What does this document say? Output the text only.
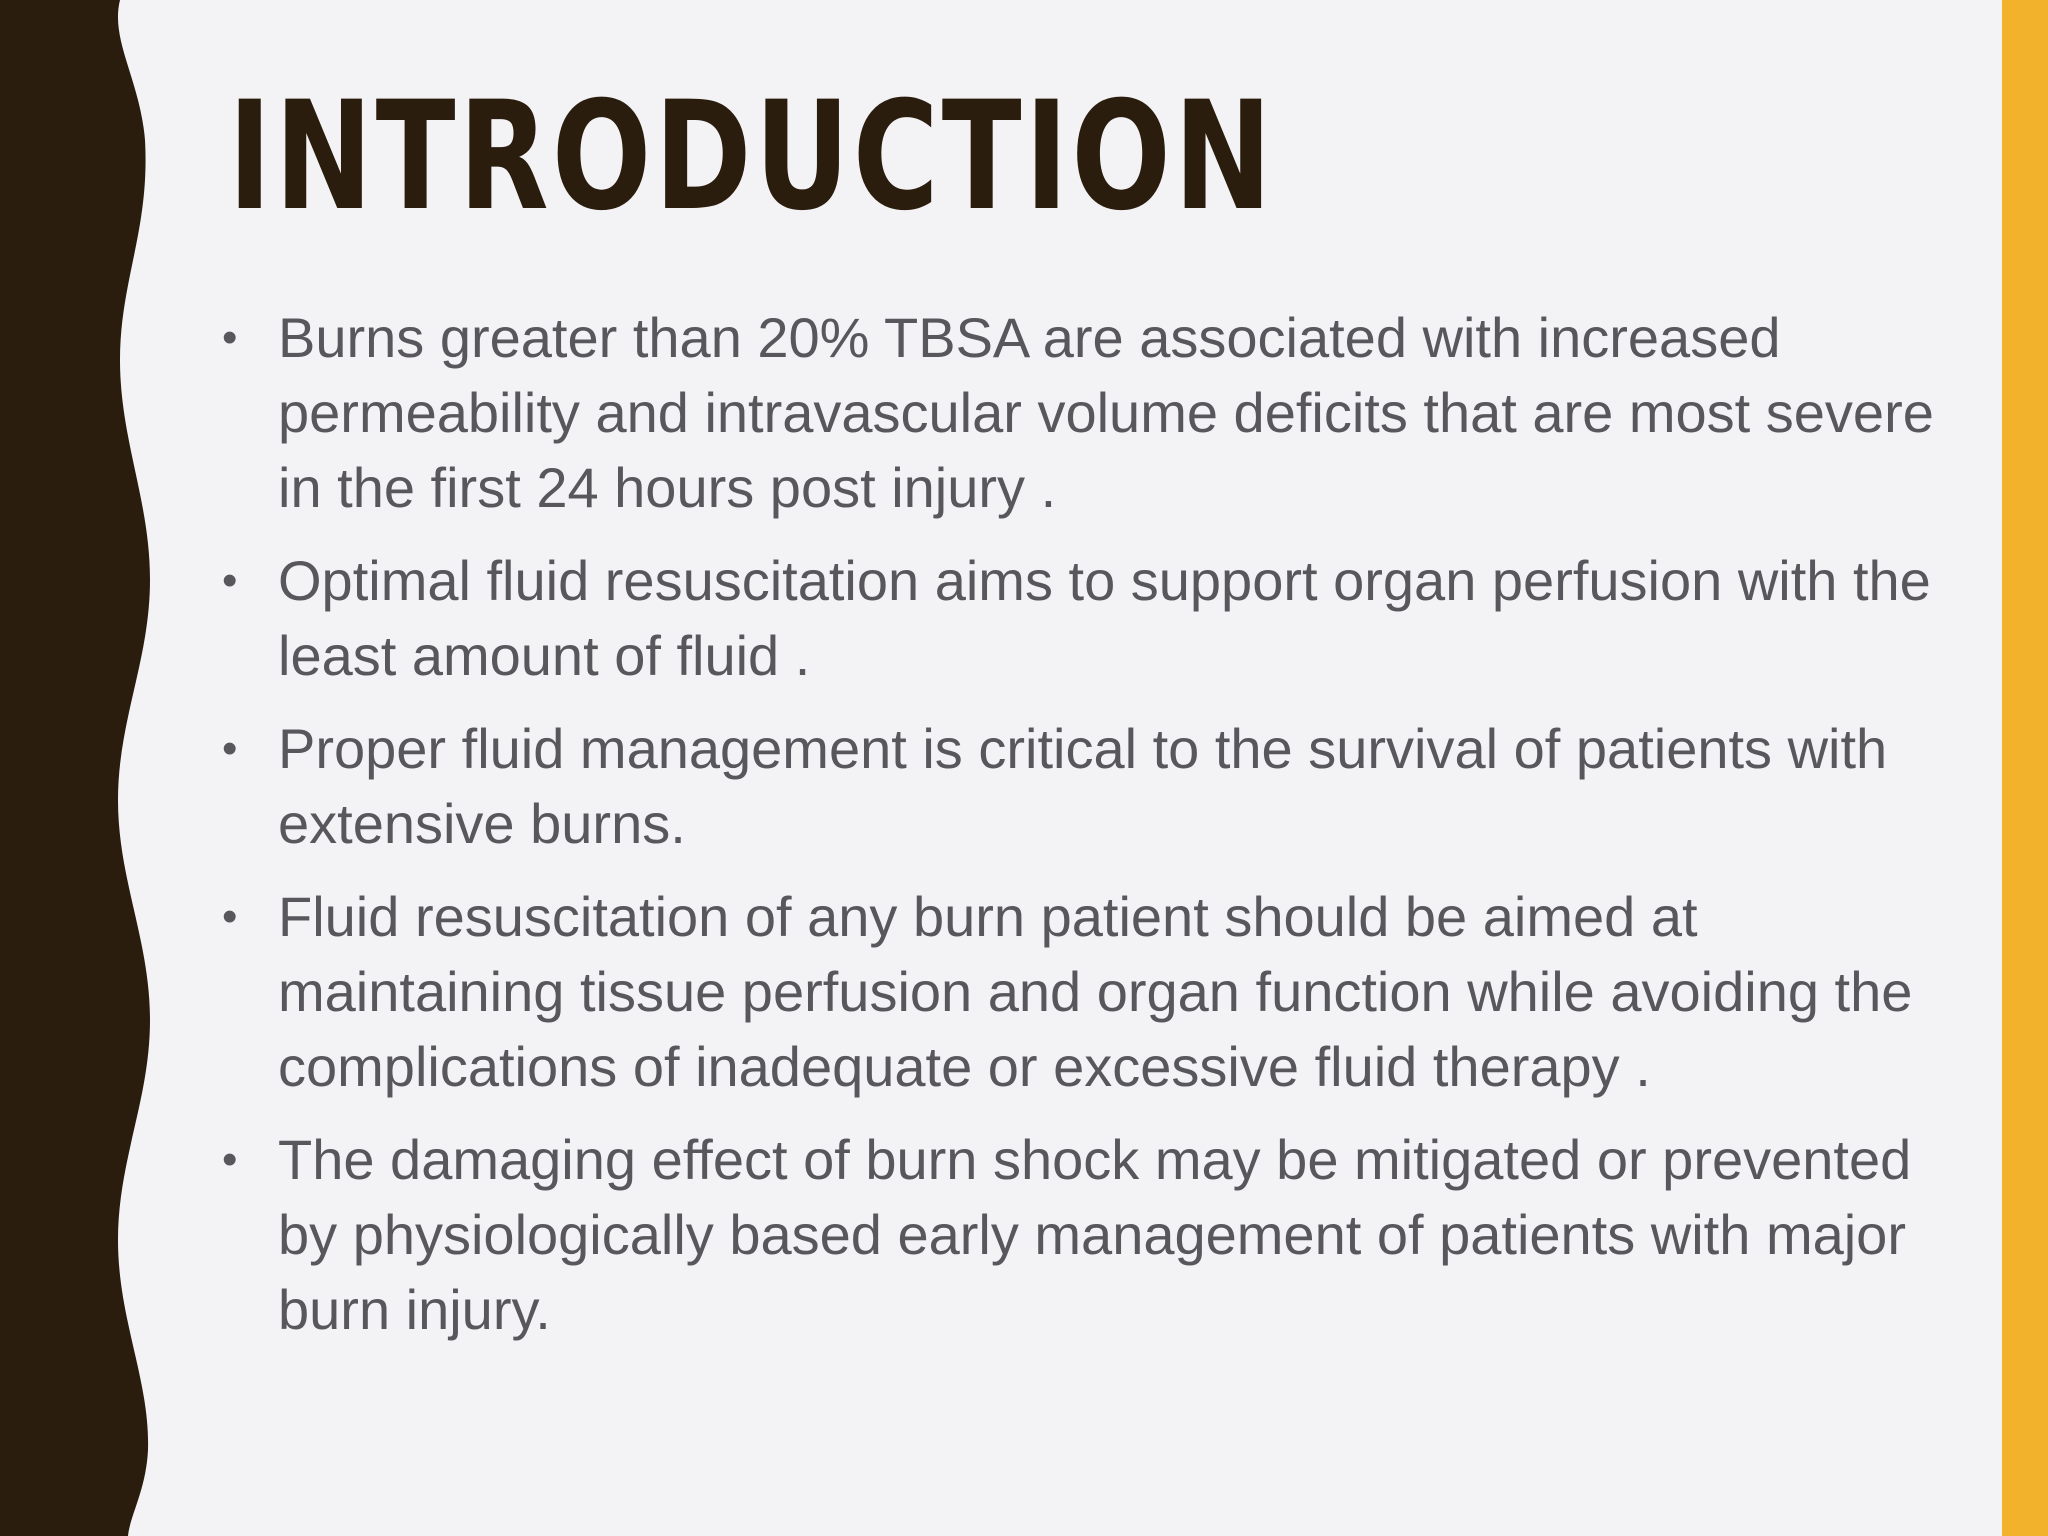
INTRODUCTION
• Burns greater than 20% TBSA are associated with increased permeability and intravascular volume deficits that are most severe in the first 24 hours post injury .
• Optimal fluid resuscitation aims to support organ perfusion with the least amount of fluid .
• Proper fluid management is critical to the survival of patients with extensive burns.
• Fluid resuscitation of any burn patient should be aimed at maintaining tissue perfusion and organ function while avoiding the complications of inadequate or excessive fluid therapy .
• The damaging effect of burn shock may be mitigated or prevented by physiologically based early management of patients with major burn injury.
